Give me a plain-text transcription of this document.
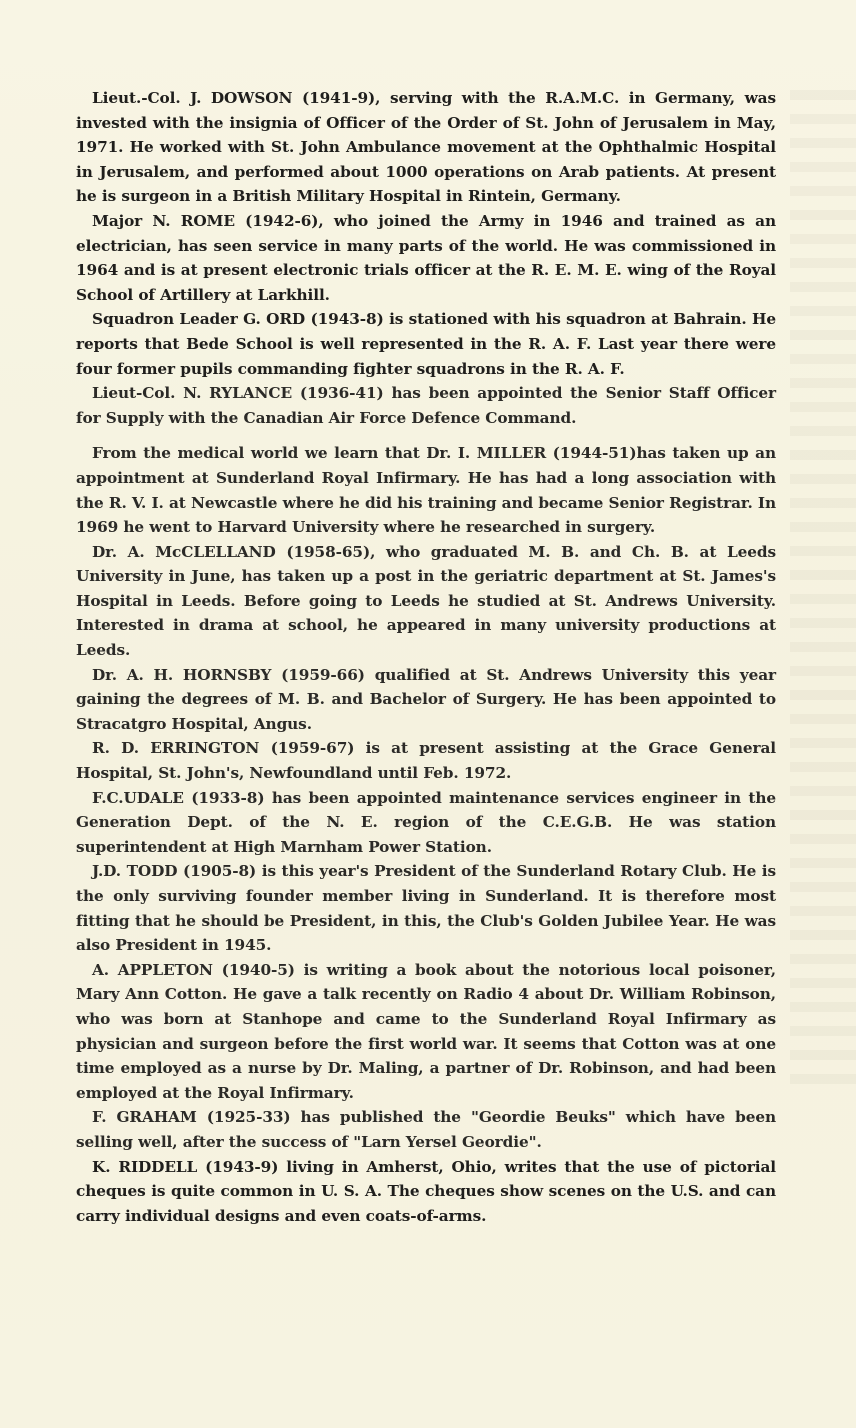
Lieut.-Col. J. DOWSON (1941-9), serving with the R.A.M.C. in Germany, was invested with the insignia of Officer of the Order of St. John of Jerusalem in May, 1971. He worked with St. John Ambulance movement at the Ophthalmic Hospital in Jerusalem, and performed about 1000 operations on Arab patients. At present he is surgeon in a British Military Hospital in Rintein, Germany.

Major N. ROME (1942-6), who joined the Army in 1946 and trained as an electrician, has seen service in many parts of the world. He was commissioned in 1964 and is at present electronic trials officer at the R. E. M. E. wing of the Royal School of Artillery at Larkhill.

Squadron Leader G. ORD (1943-8) is stationed with his squadron at Bahrain. He reports that Bede School is well represented in the R. A. F. Last year there were four former pupils commanding fighter squadrons in the R. A. F.

Lieut-Col. N. RYLANCE (1936-41) has been appointed the Senior Staff Officer for Supply with the Canadian Air Force Defence Command.

From the medical world we learn that Dr. I. MILLER (1944-51)has taken up an appointment at Sunderland Royal Infirmary. He has had a long association with the R. V. I. at Newcastle where he did his training and became Senior Registrar. In 1969 he went to Harvard University where he researched in surgery.

Dr. A. McCLELLAND (1958-65), who graduated M. B. and Ch. B. at Leeds University in June, has taken up a post in the geriatric department at St. James's Hospital in Leeds. Before going to Leeds he studied at St. Andrews University. Interested in drama at school, he appeared in many university productions at Leeds.

Dr. A. H. HORNSBY (1959-66) qualified at St. Andrews University this year gaining the degrees of M. B. and Bachelor of Surgery. He has been appointed to Stracatgro Hospital, Angus.

R. D. ERRINGTON (1959-67) is at present assisting at the Grace General Hospital, St. John's, Newfoundland until Feb. 1972.

F.C.UDALE (1933-8) has been appointed maintenance services engineer in the Generation Dept. of the N. E. region of the C.E.G.B. He was station superintendent at High Marnham Power Station.

J.D. TODD (1905-8) is this year's President of the Sunderland Rotary Club. He is the only surviving founder member living in Sunderland. It is therefore most fitting that he should be President, in this, the Club's Golden Jubilee Year. He was also President in 1945.

A. APPLETON (1940-5) is writing a book about the notorious local poisoner, Mary Ann Cotton. He gave a talk recently on Radio 4 about Dr. William Robinson, who was born at Stanhope and came to the Sunderland Royal Infirmary as physician and surgeon before the first world war. It seems that Cotton was at one time employed as a nurse by Dr. Maling, a partner of Dr. Robinson, and had been employed at the Royal Infirmary.

F. GRAHAM (1925-33) has published the "Geordie Beuks" which have been selling well, after the success of "Larn Yersel Geordie".

K. RIDDELL (1943-9) living in Amherst, Ohio, writes that the use of pictorial cheques is quite common in U. S. A. The cheques show scenes on the U.S. and can carry individual designs and even coats-of-arms.
